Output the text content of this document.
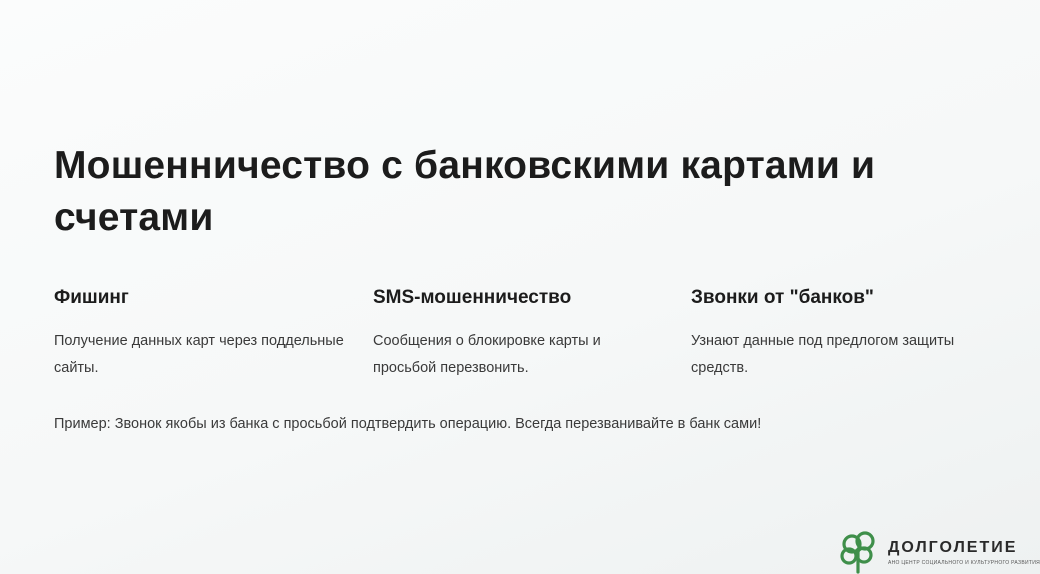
Мошенничество с банковскими картами и счетами
Фишинг

Получение данных карт через поддельные сайты.

SMS-мошенничество

Сообщения о блокировке карты и просьбой перезвонить.

Звонки от "банков"

Узнают данные под предлогом защиты средств.

Пример: Звонок якобы из банка с просьбой подтвердить операцию. Всегда перезванивайте в банк сами!

ДОЛГОЛЕТИЕ
АНО ЦЕНТР СОЦИАЛЬНОГО И КУЛЬТУРНОГО РАЗВИТИЯ
